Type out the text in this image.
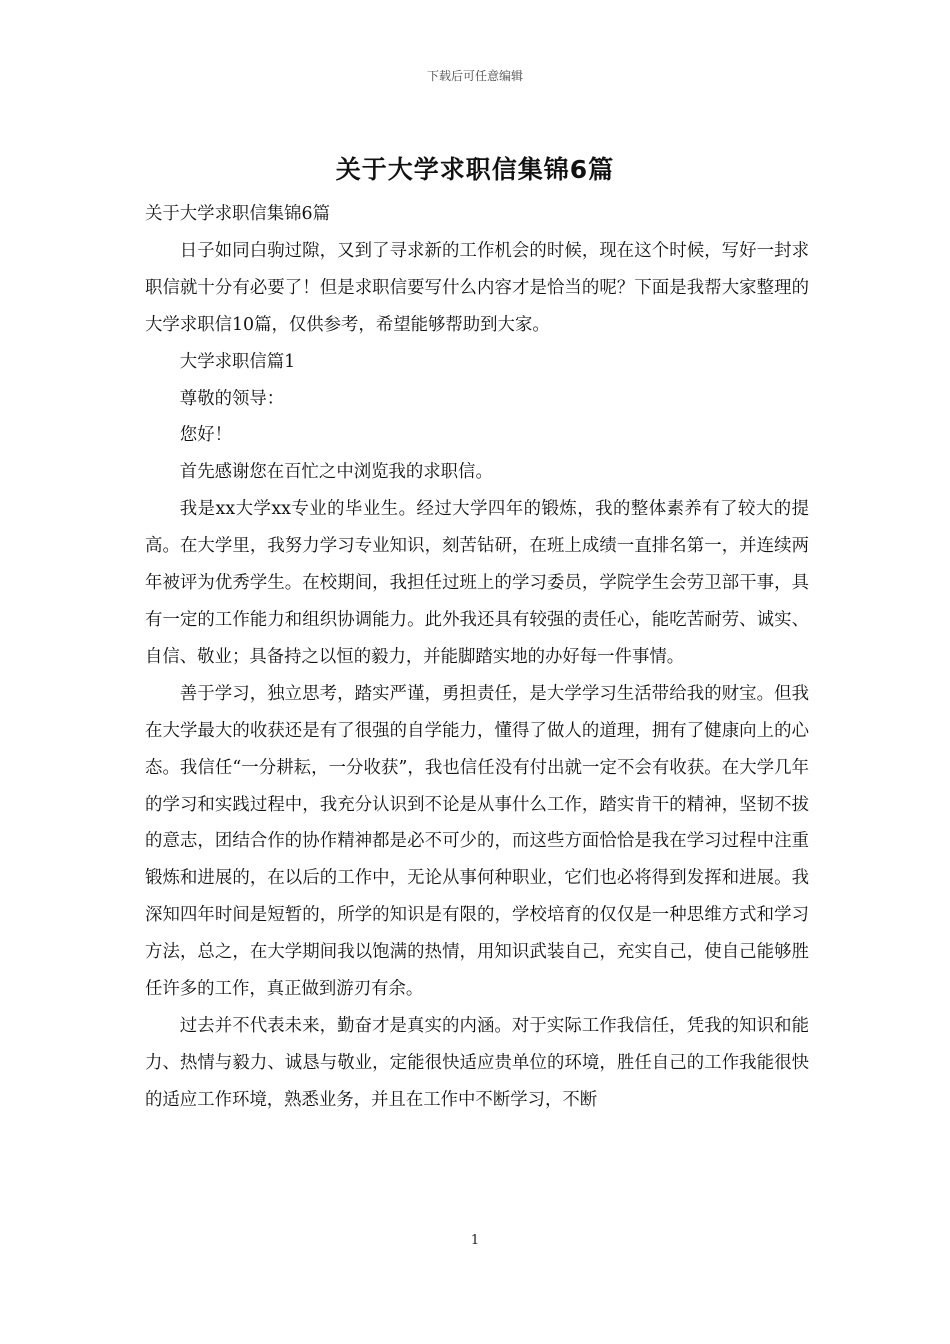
下载后可任意编辑
关于大学求职信集锦6篇

关于大学求职信集锦6篇

日子如同白驹过隙，又到了寻求新的工作机会的时候，现在这个时候，写好一封求职信就十分有必要了！但是求职信要写什么内容才是恰当的呢？下面是我帮大家整理的大学求职信10篇，仅供参考，希望能够帮助到大家。

大学求职信篇1

尊敬的领导：

您好！

首先感谢您在百忙之中浏览我的求职信。

我是xx大学xx专业的毕业生。经过大学四年的锻炼，我的整体素养有了较大的提高。在大学里，我努力学习专业知识，刻苦钻研，在班上成绩一直排名第一，并连续两年被评为优秀学生。在校期间，我担任过班上的学习委员，学院学生会劳卫部干事，具有一定的工作能力和组织协调能力。此外我还具有较强的责任心，能吃苦耐劳、诚实、自信、敬业；具备持之以恒的毅力，并能脚踏实地的办好每一件事情。

善于学习，独立思考，踏实严谨，勇担责任，是大学学习生活带给我的财宝。但我在大学最大的收获还是有了很强的自学能力，懂得了做人的道理，拥有了健康向上的心态。我信任“一分耕耘，一分收获”，我也信任没有付出就一定不会有收获。在大学几年的学习和实践过程中，我充分认识到不论是从事什么工作，踏实肯干的精神，坚韧不拔的意志，团结合作的协作精神都是必不可少的，而这些方面恰恰是我在学习过程中注重锻炼和进展的，在以后的工作中，无论从事何种职业，它们也必将得到发挥和进展。我深知四年时间是短暂的，所学的知识是有限的，学校培育的仅仅是一种思维方式和学习方法，总之，在大学期间我以饱满的热情，用知识武装自己，充实自己，使自己能够胜任许多的工作，真正做到游刃有余。

过去并不代表未来，勤奋才是真实的内涵。对于实际工作我信任，凭我的知识和能力、热情与毅力、诚恳与敬业，定能很快适应贵单位的环境，胜任自己的工作我能很快的适应工作环境，熟悉业务，并且在工作中不断学习，不断

1
